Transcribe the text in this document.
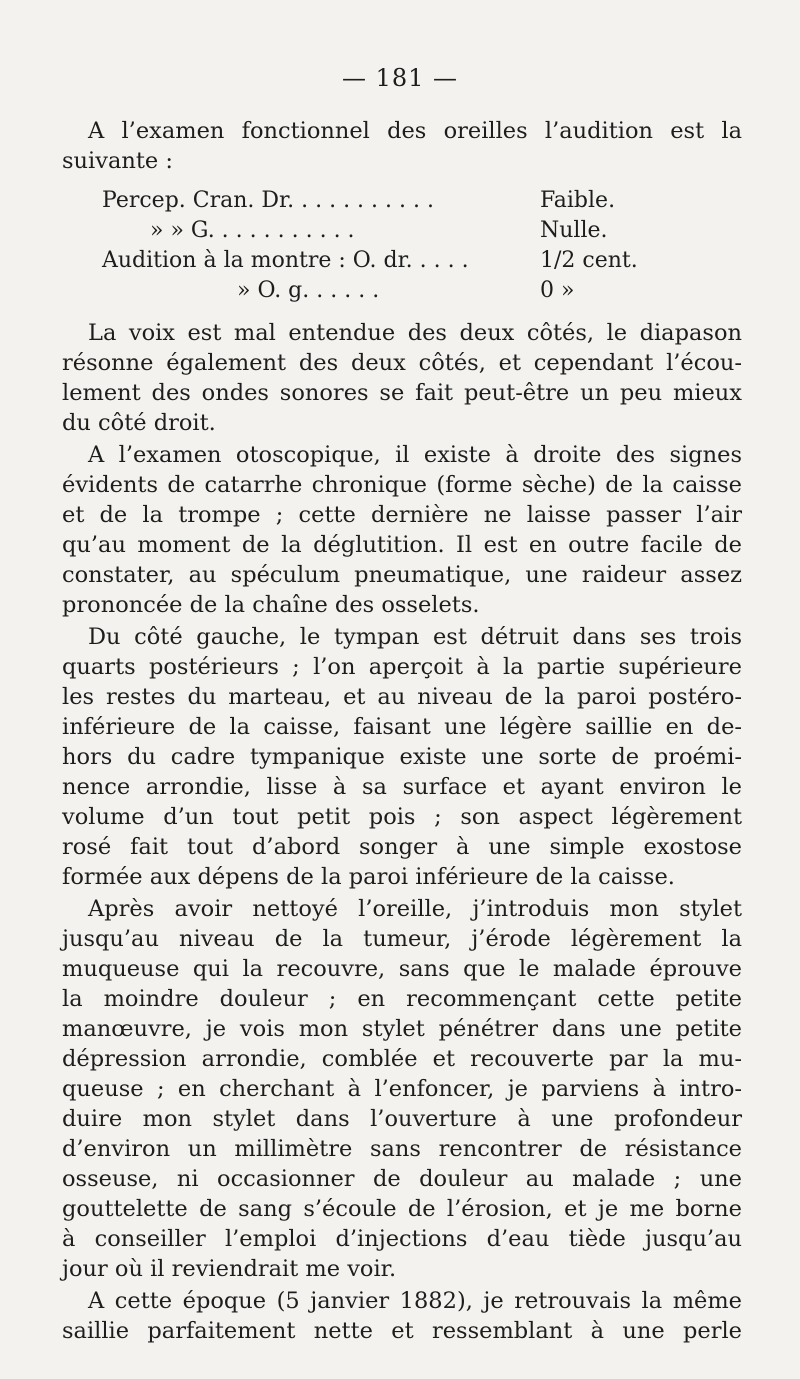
— 181 —
A l’examen fonctionnel des oreilles l’audition est la
suivante :
Percep. Cran. Dr. . . . . . . . . . .	Faible.
» » G. . . . . . . . . . .	Nulle.
Audition à la montre : O. dr. . . . .	1/2 cent.
» O. g. . . . . .	0 »
La voix est mal entendue des deux côtés, le diapason
résonne également des deux côtés, et cependant l’écou-
lement des ondes sonores se fait peut-être un peu mieux
du côté droit.
A l’examen otoscopique, il existe à droite des signes
évidents de catarrhe chronique (forme sèche) de la caisse
et de la trompe ; cette dernière ne laisse passer l’air
qu’au moment de la déglutition. Il est en outre facile de
constater, au spéculum pneumatique, une raideur assez
prononcée de la chaîne des osselets.
Du côté gauche, le tympan est détruit dans ses trois
quarts postérieurs ; l’on aperçoit à la partie supérieure
les restes du marteau, et au niveau de la paroi postéro-
inférieure de la caisse, faisant une légère saillie en de-
hors du cadre tympanique existe une sorte de proémi-
nence arrondie, lisse à sa surface et ayant environ le
volume d’un tout petit pois ; son aspect légèrement
rosé fait tout d’abord songer à une simple exostose
formée aux dépens de la paroi inférieure de la caisse.
Après avoir nettoyé l’oreille, j’introduis mon stylet
jusqu’au niveau de la tumeur, j’érode légèrement la
muqueuse qui la recouvre, sans que le malade éprouve
la moindre douleur ; en recommençant cette petite
manœuvre, je vois mon stylet pénétrer dans une petite
dépression arrondie, comblée et recouverte par la mu-
queuse ; en cherchant à l’enfoncer, je parviens à intro-
duire mon stylet dans l’ouverture à une profondeur
d’environ un millimètre sans rencontrer de résistance
osseuse, ni occasionner de douleur au malade ; une
gouttelette de sang s’écoule de l’érosion, et je me borne
à conseiller l’emploi d’injections d’eau tiède jusqu’au
jour où il reviendrait me voir.
A cette époque (5 janvier 1882), je retrouvais la même
saillie parfaitement nette et ressemblant à une perle
